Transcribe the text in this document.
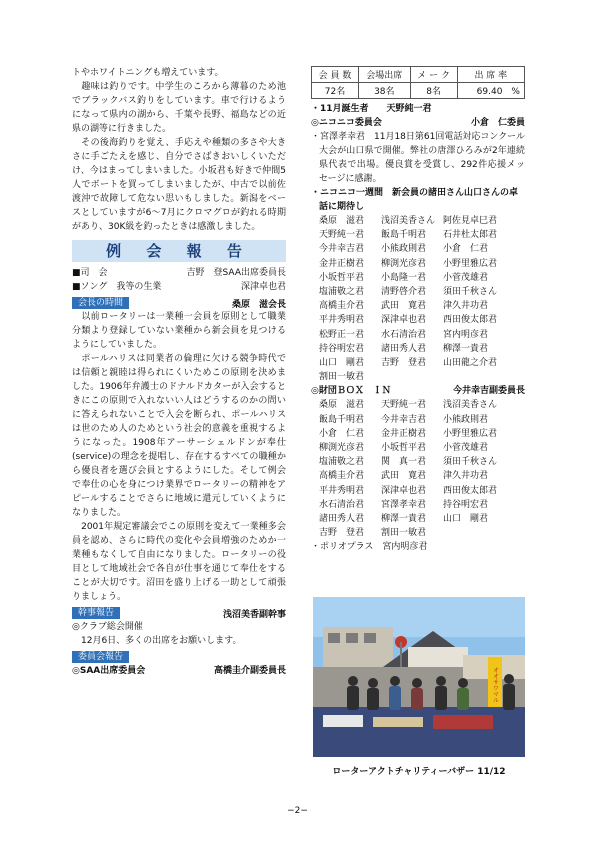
トやホワイトニングも増えています。

　趣味は釣りです。中学生のころから薄暮のため池でブラックバス釣りをしています。車で行けるようになって県内の湖から、千葉や長野、福島などの近県の湖等に行きました。

　その後海釣りを覚え、手応えや種類の多さや大きさに手ごたえを感じ、自分でさばきおいしくいただけ、今はまってしまいました。小坂君も好きで仲間5人でボートを買ってしまいましたが、中古で以前佐渡沖で故障して危ない思いもしました。新潟をベースとしていますが6〜7月にクロマグロが釣れる時期があり、30K級を釣ったときは感激しました。

例 会 報 告
■司　会	吉野　登SAA出席委員長
■ソング　我等の生業	深津卓也君
会長の時間	桑原　滋会長

　以前ロータリーは一業種一会員を原則として職業分類より登録していない業種から新会員を見つけるようにしていました。

　ポールハリスは同業者の倫理に欠ける競争時代では信頼と親睦は得られにくいためこの原則を決めました。1906年弁護士のドナルドカターが入会するときにこの原則で入れないい人はどうするのかの問いに答えられないことで入会を断られ、ポールハリスは世のため人のためという社会的意義を重視するようになった。1908年アーサーシェルドンが奉仕(service)の理念を提唱し、存在するすべての職種から優良者を選び会員とするようにした。そして例会で奉仕の心を身につけ業界でロータリーの精神をアピールすることでさらに地域に還元していくようになりました。

　2001年規定審議会でこの原則を変えて一業種多会員を認め、さらに時代の変化や会員増強のためか一業種もなくして自由になりました。ロータリーの役目として地域社会で各自が仕事を通じて奉仕をすることが大切です。沼田を盛り上げる一助として頑張りましょう。

幹事報告	浅沼美香副幹事

◎クラブ総会開催

　12月6日、多くの出席をお願いします。

委員会報告
◎SAA出席委員会	高橋圭介副委員長
会 員 数	会場出席	メ ー ク	出 席 率
72名	38名	8名	69.40　%
・11月誕生者　　天野純一君
◎ニコニコ委員会	小倉　仁委員

・宮澤孝幸君　11月18日第61回電話対応コンクール大会が山口県で開催。弊社の唐澤ひろみが2年連続県代表で出場。優良賞を受賞し、292件応援メッセージに感謝。

・ニコニコ一週間　新会員の諸田さん山口さんの卓話に期待し
桑原　滋君	浅沼美香さん 阿佐見卓巳君
天野純一君	飯島千明君	石井杜太郎君
今井幸吉君	小熊政則君	小倉　仁君
金井正樹君	柳渕光彦君	小野里雅広君
小坂哲平君	小島隆一君	小菅茂雄君
塩浦敬之君	清野啓介君	須田千秋さん
高橋圭介君	武田　寛君	津久井功君
平井秀明君	深津卓也君	西田俊太郎君
松野正一君	水石清治君	宮内明彦君
持谷明宏君	諸田秀人君	柳澤一貴君
山口　剛君	吉野　登君	山田龍之介君
割田一敏君
◎財団ＢＯＸ　ＩＮ	今井幸吉副委員長
桑原　滋君	天野純一君	浅沼美香さん
飯島千明君	今井幸吉君	小熊政則君
小倉　仁君	金井正樹君	小野里雅広君
柳渕光彦君	小坂哲平君	小菅茂雄君
塩浦敬之君	関　真一君	須田千秋さん
高橋圭介君	武田　寛君	津久井功君
平井秀明君	深津卓也君	西田俊太郎君
水石清治君	宮澤孝幸君	持谷明宏君
諸田秀人君	柳澤一貴君	山口　剛君
吉野　登君	割田一敏君
・ポリオプラス　宮内明彦君
オオサワマル
ローターアクトチャリティーバザー 11/12
−2−
